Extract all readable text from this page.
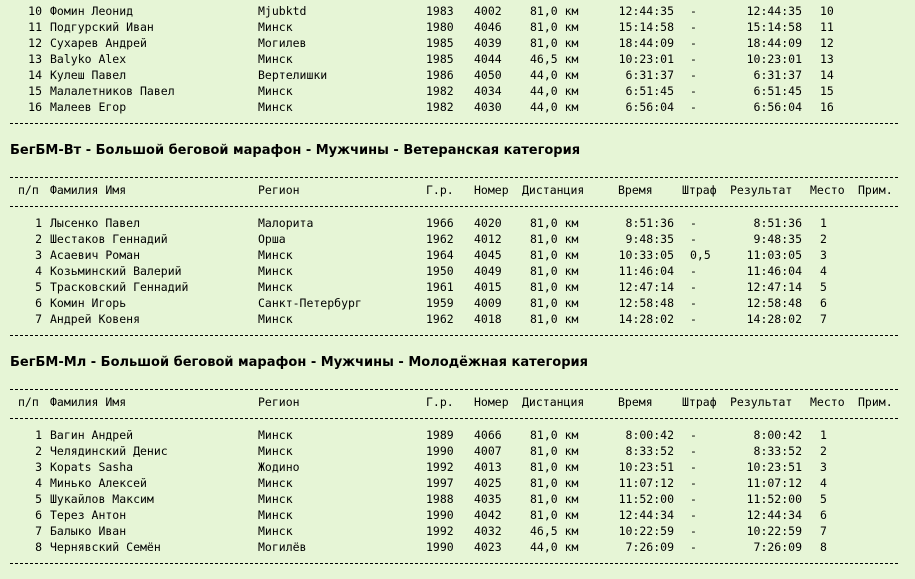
10 Фомин Леонид	Mjubktd	1983 4002 81,0 км	12:44:35 -	12:44:35 10
11 Подгурский Иван	Минск	1980 4046 81,0 км	15:14:58 -	15:14:58 11
12 Сухарев Андрей	Могилев	1985 4039 81,0 км	18:44:09 -	18:44:09 12
13 Balyko Alex	Минск	1985 4044 46,5 км	10:23:01 -	10:23:01 13
14 Кулеш Павел	Вертелишки	1986 4050 44,0 км	6:31:37 -	6:31:37 14
15 Малалетников Павел	Минск	1982 4034 44,0 км	6:51:45 -	6:51:45 15
16 Малеев Егор	Минск	1982 4030 44,0 км	6:56:04 -	6:56:04 16
БегБМ-Вт - Большой беговой марафон - Мужчины - Ветеранская категория
п/п Фамилия Имя	Регион	Г.р. Номер Дистанция	Время	Штраф Результат Место Прим.
1 Лысенко Павел	Малорита	1966 4020 81,0 км	8:51:36 -	8:51:36 1
2 Шестаков Геннадий	Орша	1962 4012 81,0 км	9:48:35 -	9:48:35 2
3 Асаевич Роман	Минск	1964 4045 81,0 км	10:33:05 0,5	11:03:05 3
4 Козьминский Валерий	Минск	1950 4049 81,0 км	11:46:04 -	11:46:04 4
5 Трасковский Геннадий	Минск	1961 4015 81,0 км	12:47:14 -	12:47:14 5
6 Комин Игорь	Санкт-Петербург	1959 4009 81,0 км	12:58:48 -	12:58:48 6
7 Андрей Ковеня	Минск	1962 4018 81,0 км	14:28:02 -	14:28:02 7
БегБМ-Мл - Большой беговой марафон - Мужчины - Молодёжная категория
п/п Фамилия Имя	Регион	Г.р. Номер Дистанция	Время	Штраф Результат Место Прим.
1 Вагин Андрей	Минск	1989 4066 81,0 км	8:00:42 -	8:00:42 1
2 Челядинский Денис	Минск	1990 4007 81,0 км	8:33:52 -	8:33:52 2
3 Kopats Sasha	Жодино	1992 4013 81,0 км	10:23:51 -	10:23:51 3
4 Минько Алексей	Минск	1997 4025 81,0 км	11:07:12 -	11:07:12 4
5 Шукайлов Максим	Минск	1988 4035 81,0 км	11:52:00 -	11:52:00 5
6 Терез Антон	Минск	1990 4042 81,0 км	12:44:34 -	12:44:34 6
7 Балыко Иван	Минск	1992 4032 46,5 км	10:22:59 -	10:22:59 7
8 Чернявский Семён	Могилёв	1990 4023 44,0 км	7:26:09 -	7:26:09 8
